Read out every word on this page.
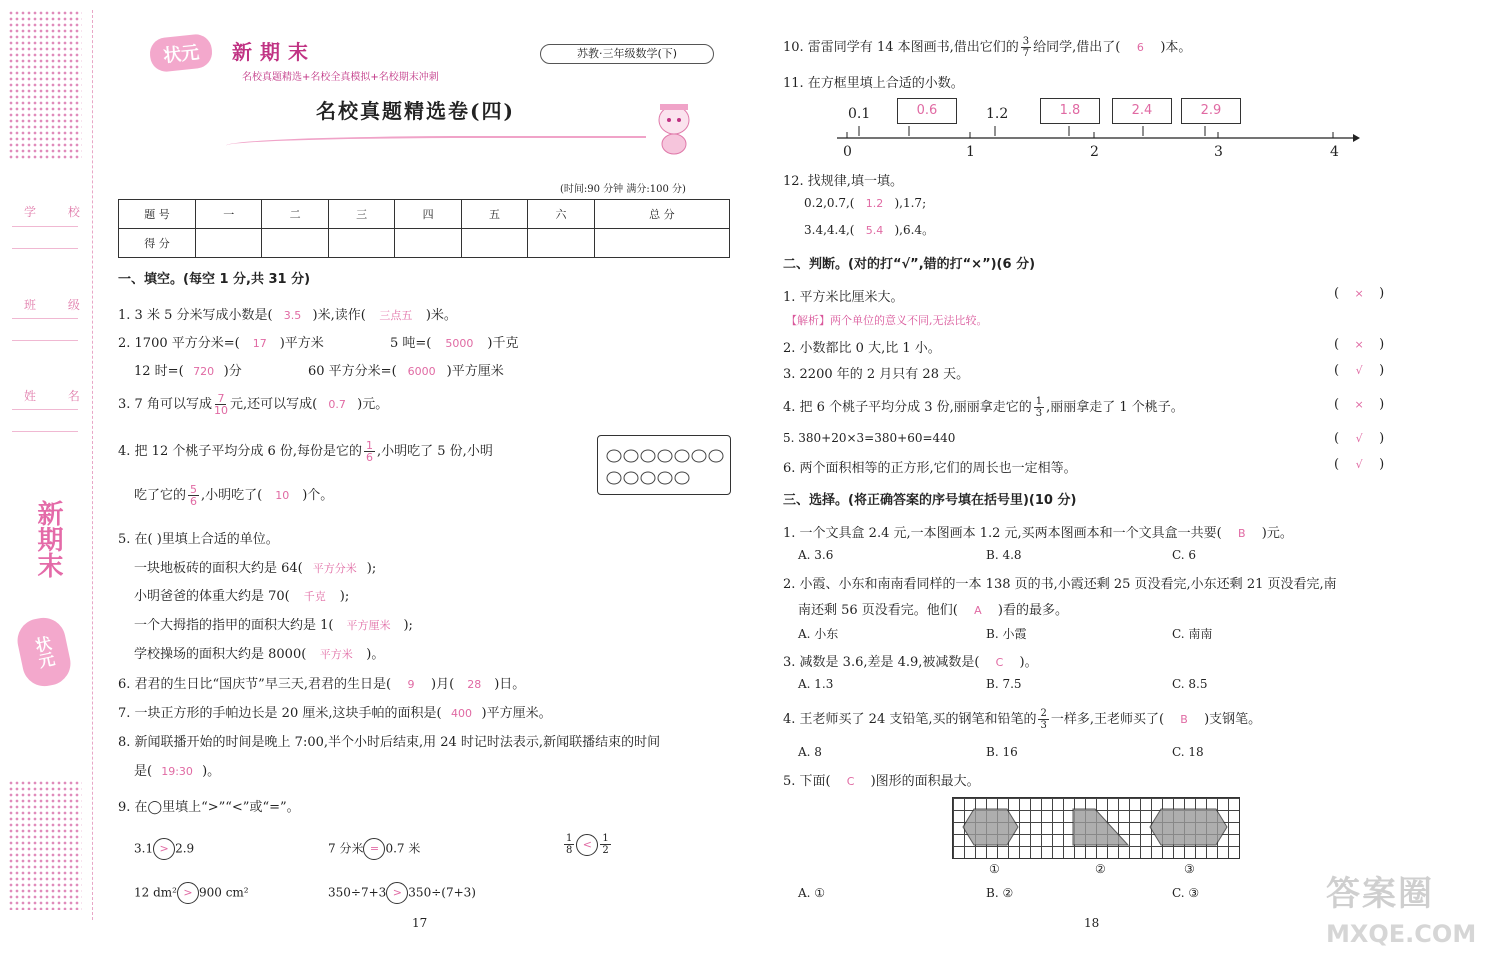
学 校
班 级
姓 名
新期末
状元
状元 新期末
名校真题精选+名校全真模拟+名校期末冲刺
苏教·三年级数学(下)
名校真题精选卷(四)
(时间:90 分钟 满分:100 分)
题 号	一	二	三	四	五	六	总 分
得 分							
一、填空。(每空 1 分,共 31 分)
1. 3 米 5 分米写成小数是( 3.5 )米,读作( 三点五 )米。
2. 1700 平方分米=( 17 )平方米	5 吨=( 5000 )千克
12 时=( 720 )分	60 平方分米=( 6000 )平方厘米
3. 7 角可以写成 $\frac{7}{10}$ 元,还可以写成( 0.7 )元。
4. 把 12 个桃子平均分成 6 份,每份是它的 $\frac{1}{6}$ ,小明吃了 5 份,小明
吃了它的 $\frac{5}{6}$ ,小明吃了( 10 )个。
5. 在( )里填上合适的单位。
一块地板砖的面积大约是 64( 平方分米 );
小明爸爸的体重大约是 70( 千克 );
一个大拇指的指甲的面积大约是 1( 平方厘米 );
学校操场的面积大约是 8000( 平方米 )。
6. 君君的生日比“国庆节”早三天,君君的生日是( 9 )月( 28 )日。
7. 一块正方形的手帕边长是 20 厘米,这块手帕的面积是( 400 )平方厘米。
8. 新闻联播开始的时间是晚上 7:00,半个小时后结束,用 24 时记时法表示,新闻联播结束的时间
是( 19:30 )。
9. 在◯里填上“>”“<”或“=”。
3.1 > 2.9	7 分米 = 0.7 米	$\frac{1}{8} < \frac{1}{2}$
12 dm² > 900 cm²	350÷7+3 > 350÷(7+3)
17
10. 雷雷同学有 14 本图画书,借出它们的 $\frac{3}{7}$ 给同学,借出了( 6 )本。
11. 在方框里填上合适的小数。
0.1	1.2
0.6	1.8	2.4	2.9
0	1	2	3	4
12. 找规律,填一填。
0.2,0.7,( 1.2 ),1.7;
3.4,4.4,( 5.4 ),6.4。
二、判断。(对的打“√”,错的打“×”)(6 分)
1. 平方米比厘米大。	( × )
【解析】两个单位的意义不同,无法比较。
2. 小数都比 0 大,比 1 小。	( × )
3. 2200 年的 2 月只有 28 天。	( √ )
4. 把 6 个桃子平均分成 3 份,丽丽拿走它的 $\frac{1}{3}$ ,丽丽拿走了 1 个桃子。	( × )
5. 380+20×3=380+60=440	( √ )
6. 两个面积相等的正方形,它们的周长也一定相等。	( √ )
三、选择。(将正确答案的序号填在括号里)(10 分)
1. 一个文具盒 2.4 元,一本图画本 1.2 元,买两本图画本和一个文具盒一共要( B )元。
A. 3.6	B. 4.8	C. 6
2. 小霞、小东和南南看同样的一本 138 页的书,小霞还剩 25 页没看完,小东还剩 21 页没看完,南
南还剩 56 页没看完。他们( A )看的最多。
A. 小东	B. 小霞	C. 南南
3. 减数是 3.6,差是 4.9,被减数是( C )。
A. 1.3	B. 7.5	C. 8.5
4. 王老师买了 24 支铅笔,买的钢笔和铅笔的 $\frac{2}{3}$ 一样多,王老师买了( B )支钢笔。
A. 8	B. 16	C. 18
5. 下面( C )图形的面积最大。
①	②	③
A. ①	B. ②	C. ③
18
答案圈
MXQE.COM
